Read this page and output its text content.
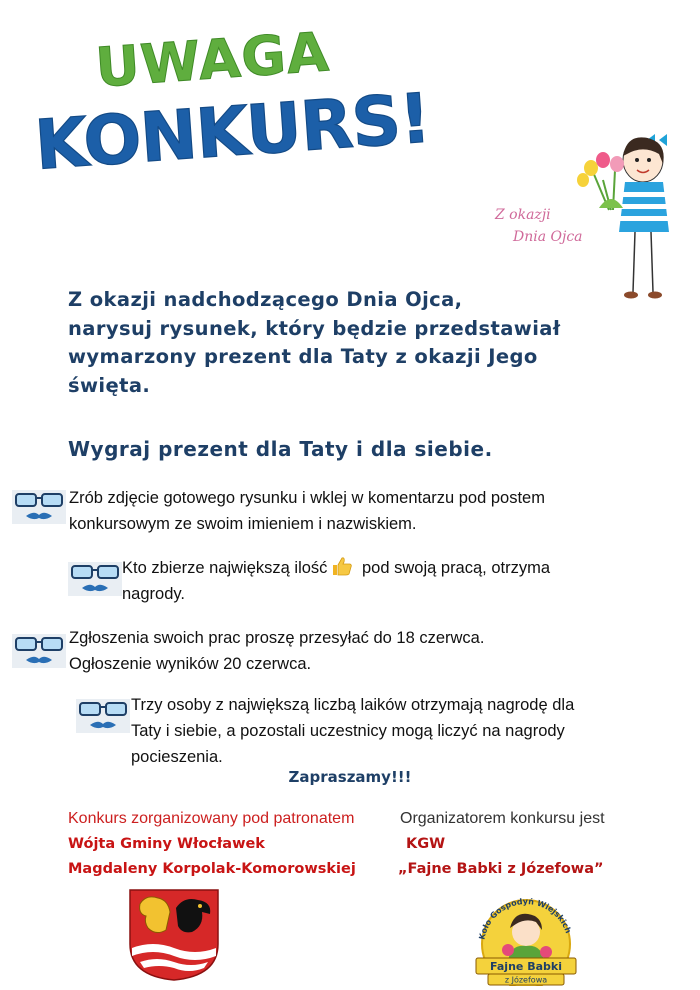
UWAGA
KONKURS!
Z okazji
Dnia Ojca
Z okazji nadchodzącego Dnia Ojca,
narysuj rysunek, który będzie przedstawiał
wymarzony prezent dla Taty z okazji Jego
święta.
Wygraj prezent dla Taty i dla siebie.
Zrób zdjęcie gotowego rysunku i wklej w komentarzu pod postem
konkursowym ze swoim imieniem i nazwiskiem.
Kto zbierze największą ilość pod swoją pracą, otrzyma
nagrody.
Zgłoszenia swoich prac proszę przesyłać do 18 czerwca.
Ogłoszenie wyników 20 czerwca.
Trzy osoby z największą liczbą laików otrzymają nagrodę dla
Taty i siebie, a pozostali uczestnicy mogą liczyć na nagrody
pocieszenia.
Zapraszamy!!!
Konkurs zorganizowany pod patronatem
Wójta Gminy Włocławek
Magdaleny Korpolak-Komorowskiej
Organizatorem konkursu jest
KGW
„Fajne Babki z Józefowa”
Koło Gospodyń Wiejskich
Fajne Babki
z Józefowa
